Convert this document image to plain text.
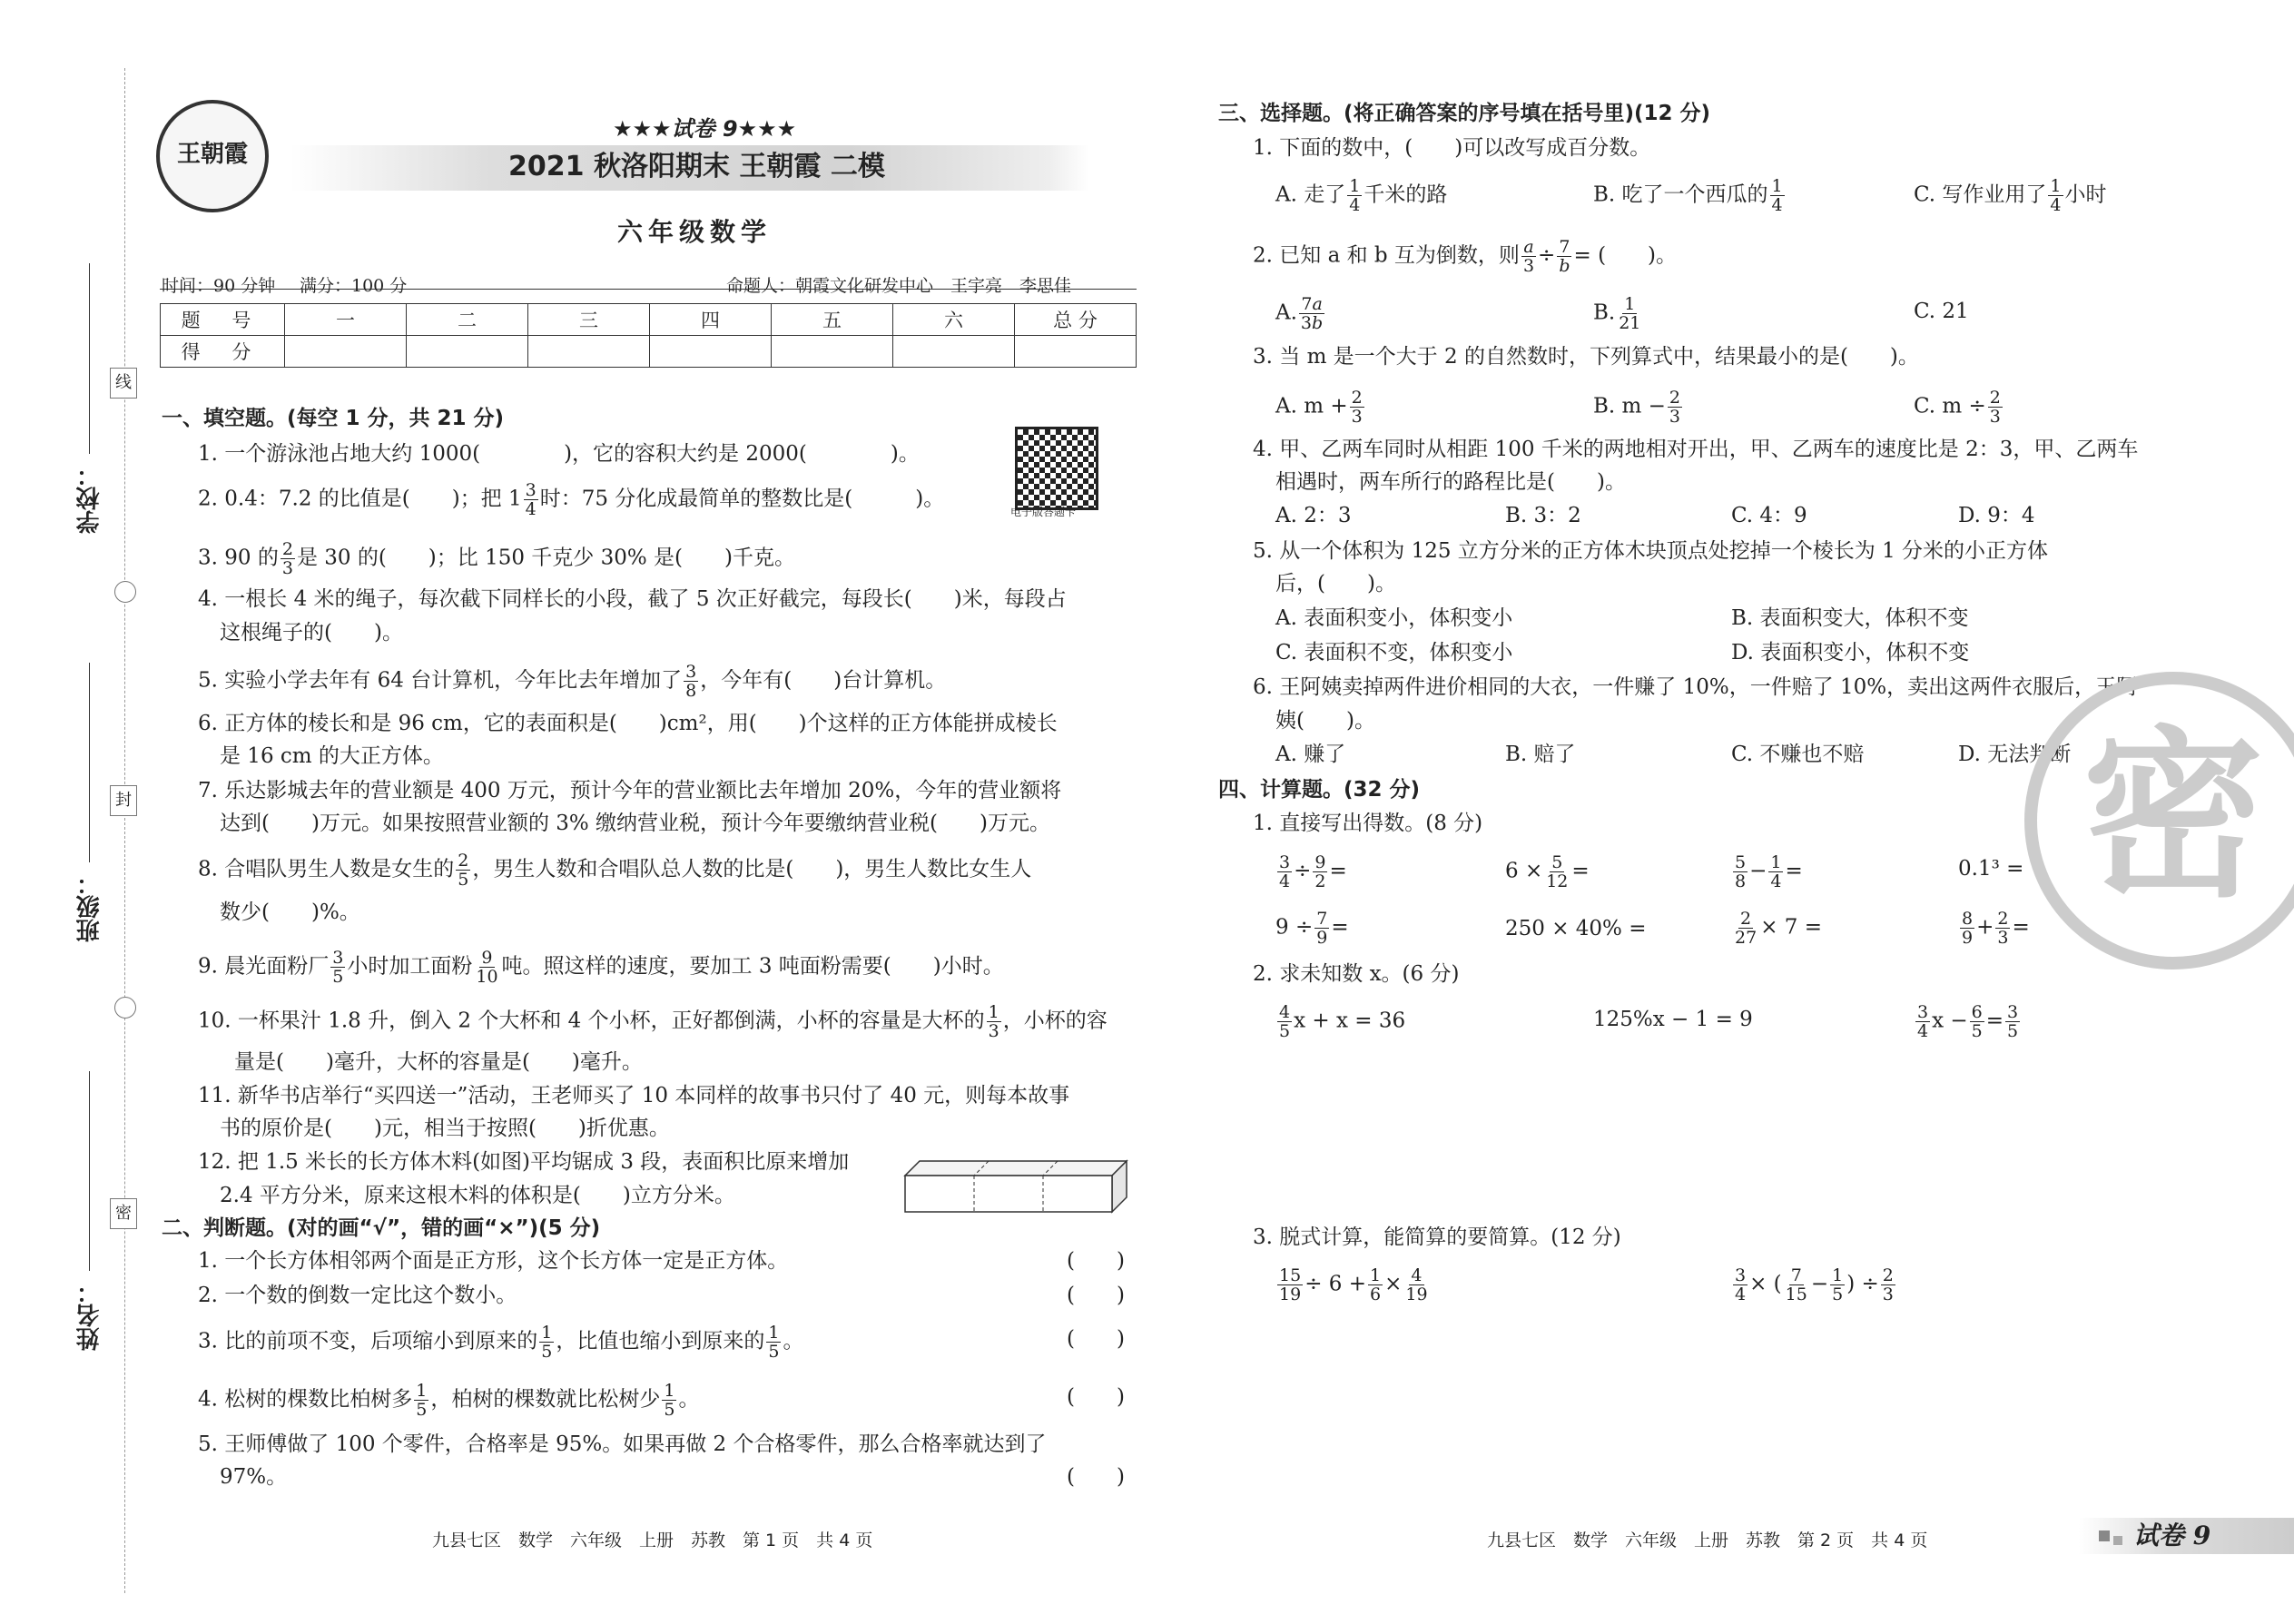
线
封
密
学校：
班级：
姓名：
王朝霞
★★★试卷 9★★★
2021 秋洛阳期末 王朝霞 二模
六年级数学
时间：90 分钟 满分：100 分	命题人：朝霞文化研发中心　王宇亮　李思佳
题 号	一	二	三	四	五	六	总 分
得 分							
电子版答题卡
一、填空题。(每空 1 分，共 21 分)
1. 一个游泳池占地大约 1000(　　　　)，它的容积大约是 2000(　　　　)。
2. 0.4：7.2 的比值是(　　)；把 $1 \frac{3}{4}$ 时：75 分化成最简单的整数比是(　　　)。
3. 90 的 $\frac{2}{3}$ 是 30 的(　　)；比 150 千克少 30% 是(　　)千克。
4. 一根长 4 米的绳子，每次截下同样长的小段，截了 5 次正好截完，每段长(　　)米，每段占
这根绳子的(　　)。
5. 实验小学去年有 64 台计算机，今年比去年增加了 $\frac{3}{8}$ ，今年有(　　)台计算机。
6. 正方体的棱长和是 96 cm，它的表面积是(　　)cm²，用(　　)个这样的正方体能拼成棱长
是 16 cm 的大正方体。
7. 乐达影城去年的营业额是 400 万元，预计今年的营业额比去年增加 20%，今年的营业额将
达到(　　)万元。如果按照营业额的 3% 缴纳营业税，预计今年要缴纳营业税(　　)万元。
8. 合唱队男生人数是女生的 $\frac{2}{5}$ ，男生人数和合唱队总人数的比是(　　)，男生人数比女生人
数少(　　)%。
9. 晨光面粉厂 $\frac{3}{5}$ 小时加工面粉 $\frac{9}{10}$ 吨。照这样的速度，要加工 3 吨面粉需要(　　)小时。
10. 一杯果汁 1.8 升，倒入 2 个大杯和 4 个小杯，正好都倒满，小杯的容量是大杯的 $\frac{1}{3}$ ，小杯的容
量是(　　)毫升，大杯的容量是(　　)毫升。
11. 新华书店举行“买四送一”活动，王老师买了 10 本同样的故事书只付了 40 元，则每本故事
书的原价是(　　)元，相当于按照(　　)折优惠。
12. 把 1.5 米长的长方体木料(如图)平均锯成 3 段，表面积比原来增加
2.4 平方分米，原来这根木料的体积是(　　)立方分米。
二、判断题。(对的画“√”，错的画“×”)(5 分)
1. 一个长方体相邻两个面是正方形，这个长方体一定是正方体。	(　　)
2. 一个数的倒数一定比这个数小。	(　　)
3. 比的前项不变，后项缩小到原来的 $\frac{1}{5}$ ，比值也缩小到原来的 $\frac{1}{5}$ 。	(　　)
4. 松树的棵数比柏树多 $\frac{1}{5}$ ，柏树的棵数就比松树少 $\frac{1}{5}$ 。	(　　)
5. 王师傅做了 100 个零件，合格率是 95%。如果再做 2 个合格零件，那么合格率就达到了
97%。	(　　)
九县七区　数学　六年级　上册　苏教　第 1 页　共 4 页
三、选择题。(将正确答案的序号填在括号里)(12 分)
1. 下面的数中，(　　)可以改写成百分数。
A. 走了 $\frac{1}{4}$ 千米的路	B. 吃了一个西瓜的 $\frac{1}{4}$	C. 写作业用了 $\frac{1}{4}$ 小时
2. 已知 a 和 b 互为倒数，则 $\frac{a}{3} \div \frac{7}{b}$ = (　　)。
A. $\frac{7a}{3b}$	B. $\frac{1}{21}$	C. 21
3. 当 m 是一个大于 2 的自然数时，下列算式中，结果最小的是(　　)。
A. $m + \frac{2}{3}$	B. $m - \frac{2}{3}$	C. $m \div \frac{2}{3}$
4. 甲、乙两车同时从相距 100 千米的两地相对开出，甲、乙两车的速度比是 2：3，甲、乙两车
相遇时，两车所行的路程比是(　　)。
A. 2：3	B. 3：2	C. 4：9	D. 9：4
5. 从一个体积为 125 立方分米的正方体木块顶点处挖掉一个棱长为 1 分米的小正方体
后，(　　)。
A. 表面积变小，体积变小	B. 表面积变大，体积不变
C. 表面积不变，体积变小	D. 表面积变小，体积不变
6. 王阿姨卖掉两件进价相同的大衣，一件赚了 10%，一件赔了 10%，卖出这两件衣服后，王阿
姨(　　)。
A. 赚了	B. 赔了	C. 不赚也不赔	D. 无法判断
四、计算题。(32 分)
1. 直接写出得数。(8 分)
$\frac{3}{4} \div \frac{9}{2}$ =	$6 \times \frac{5}{12}$ =	$\frac{5}{8} - \frac{1}{4}$ =	0.1³ =
$9 \div \frac{7}{9}$ =	250 × 40% =	$\frac{2}{27} \times 7$ =	$\frac{8}{9} + \frac{2}{3}$ =
2. 求未知数 x。(6 分)
$\frac{4}{5}$ x + x = 36	125%x − 1 = 9	$\frac{3}{4}$ $x - \frac{6}{5} = \frac{3}{5}$
3. 脱式计算，能简算的要简算。(12 分)
$\frac{15}{19} \div 6 + \frac{1}{6} \times \frac{4}{19}$	$\frac{3}{4}$ × ( $\frac{7}{15} - \frac{1}{5}$ ) ÷ $\frac{2}{3}$
密
九县七区　数学　六年级　上册　苏教　第 2 页　共 4 页	试卷 9
